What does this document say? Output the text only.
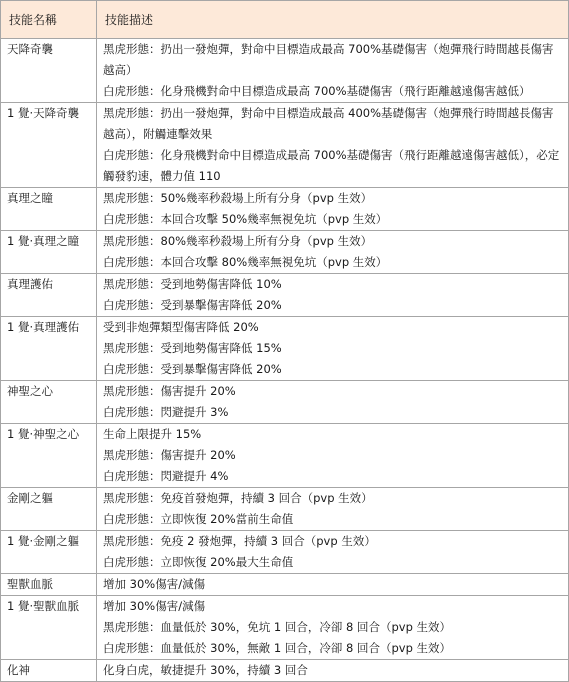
技能名稱	技能描述
天降奇襲	黑虎形態：扔出一發炮彈，對命中目標造成最高 700%基礎傷害（炮彈飛行時間越長傷害越高）
白虎形態：化身飛機對命中目標造成最高 700%基礎傷害（飛行距離越遠傷害越低）

1 覺·天降奇襲	黑虎形態：扔出一發炮彈，對命中目標造成最高 400%基礎傷害（炮彈飛行時間越長傷害越高），附觸連擊效果
白虎形態：化身飛機對命中目標造成最高 700%基礎傷害（飛行距離越遠傷害越低），必定觸發豹速，體力值 110

真理之瞳	黑虎形態：50%幾率秒殺場上所有分身（pvp 生效）
白虎形態：本回合攻擊 50%幾率無視免坑（pvp 生效）

1 覺·真理之瞳	黑虎形態：80%幾率秒殺場上所有分身（pvp 生效）
白虎形態：本回合攻擊 80%幾率無視免坑（pvp 生效）

真理護佑	黑虎形態：受到地勢傷害降低 10%
白虎形態：受到暴擊傷害降低 20%

1 覺·真理護佑	受到非炮彈類型傷害降低 20%
黑虎形態：受到地勢傷害降低 15%
白虎形態：受到暴擊傷害降低 20%

神聖之心	黑虎形態：傷害提升 20%
白虎形態：閃避提升 3%

1 覺·神聖之心	生命上限提升 15%
黑虎形態：傷害提升 20%
白虎形態：閃避提升 4%

金剛之軀	黑虎形態：免疫首發炮彈，持續 3 回合（pvp 生效）
白虎形態：立即恢復 20%當前生命值

1 覺·金剛之軀	黑虎形態：免疫 2 發炮彈，持續 3 回合（pvp 生效）
白虎形態：立即恢復 20%最大生命值

聖獸血脈	增加 30%傷害/減傷

1 覺·聖獸血脈	增加 30%傷害/減傷
黑虎形態：血量低於 30%，免坑 1 回合，冷卻 8 回合（pvp 生效）
白虎形態：血量低於 30%，無敵 1 回合，冷卻 8 回合（pvp 生效）

化神	化身白虎，敏捷提升 30%，持續 3 回合
